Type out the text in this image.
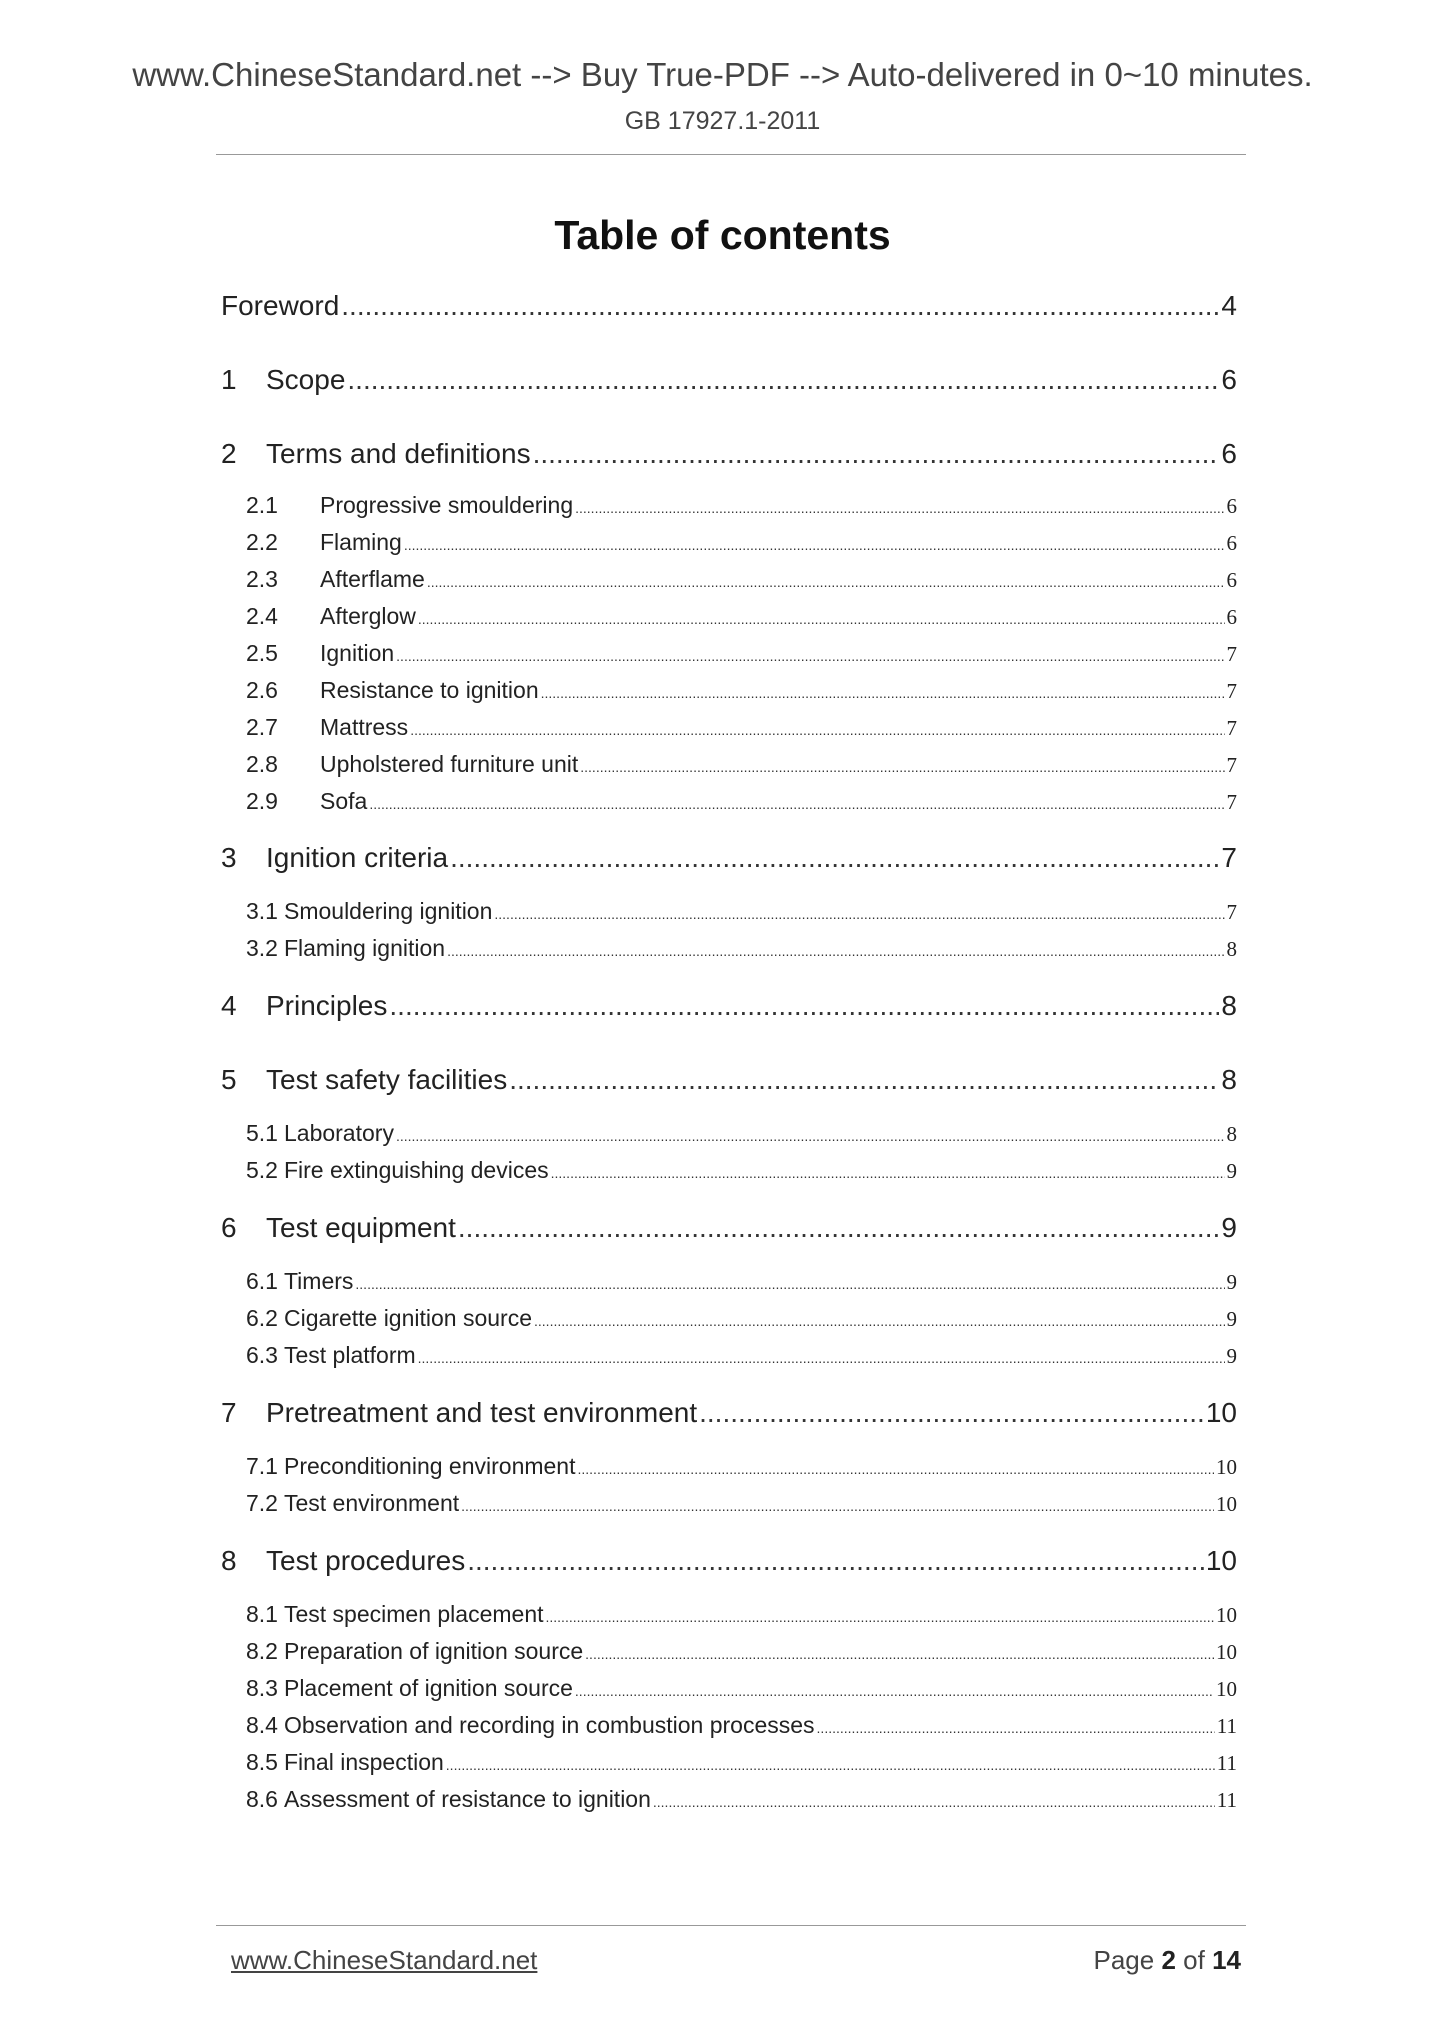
www.ChineseStandard.net --> Buy True-PDF --> Auto-delivered in 0~10 minutes.
GB 17927.1-2011
Table of contents
Foreword .....	4
1	Scope .....	6
2	Terms and definitions .....	6
2.1	Progressive smouldering .....	6
2.2	Flaming .....	6
2.3	Afterflame .....	6
2.4	Afterglow .....	6
2.5	Ignition .....	7
2.6	Resistance to ignition .....	7
2.7	Mattress .....	7
2.8	Upholstered furniture unit .....	7
2.9	Sofa .....	7
3	Ignition criteria .....	7
3.1 Smouldering ignition .....	7
3.2 Flaming ignition .....	8
4	Principles .....	8
5	Test safety facilities .....	8
5.1 Laboratory .....	8
5.2 Fire extinguishing devices .....	9
6	Test equipment .....	9
6.1 Timers .....	9
6.2 Cigarette ignition source .....	9
6.3 Test platform .....	9
7	Pretreatment and test environment .....	10
7.1 Preconditioning environment .....	10
7.2 Test environment .....	10
8	Test procedures .....	10
8.1 Test specimen placement .....	10
8.2 Preparation of ignition source .....	10
8.3 Placement of ignition source .....	10
8.4 Observation and recording in combustion processes .....	11
8.5 Final inspection .....	11
8.6 Assessment of resistance to ignition .....	11
www.ChineseStandard.net	Page 2 of 14
